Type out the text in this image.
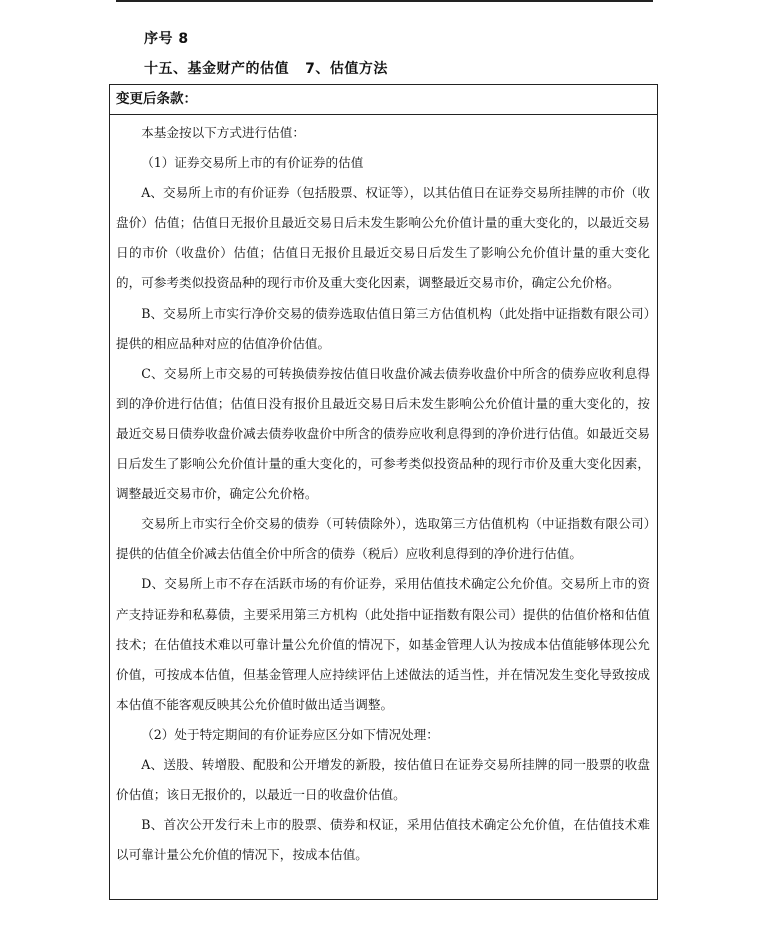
序号 8
十五、基金财产的估值   7、估值方法
变更后条款：

本基金按以下方式进行估值：

（1）证券交易所上市的有价证券的估值

A、交易所上市的有价证券（包括股票、权证等），以其估值日在证券交易所挂牌的市价（收盘价）估值；估值日无报价且最近交易日后未发生影响公允价值计量的重大变化的，以最近交易日的市价（收盘价）估值；估值日无报价且最近交易日后发生了影响公允价值计量的重大变化的，可参考类似投资品种的现行市价及重大变化因素，调整最近交易市价，确定公允价格。

B、交易所上市实行净价交易的债券选取估值日第三方估值机构（此处指中证指数有限公司）提供的相应品种对应的估值净价估值。

C、交易所上市交易的可转换债券按估值日收盘价减去债券收盘价中所含的债券应收利息得到的净价进行估值；估值日没有报价且最近交易日后未发生影响公允价值计量的重大变化的，按最近交易日债券收盘价减去债券收盘价中所含的债券应收利息得到的净价进行估值。如最近交易日后发生了影响公允价值计量的重大变化的，可参考类似投资品种的现行市价及重大变化因素，调整最近交易市价，确定公允价格。

交易所上市实行全价交易的债券（可转债除外），选取第三方估值机构（中证指数有限公司）提供的估值全价减去估值全价中所含的债券（税后）应收利息得到的净价进行估值。

D、交易所上市不存在活跃市场的有价证券，采用估值技术确定公允价值。交易所上市的资产支持证券和私募债，主要采用第三方机构（此处指中证指数有限公司）提供的估值价格和估值技术；在估值技术难以可靠计量公允价值的情况下，如基金管理人认为按成本估值能够体现公允价值，可按成本估值，但基金管理人应持续评估上述做法的适当性，并在情况发生变化导致按成本估值不能客观反映其公允价值时做出适当调整。

（2）处于特定期间的有价证券应区分如下情况处理：

A、送股、转增股、配股和公开增发的新股，按估值日在证券交易所挂牌的同一股票的收盘价估值；该日无报价的，以最近一日的收盘价估值。

B、首次公开发行未上市的股票、债券和权证，采用估值技术确定公允价值，在估值技术难以可靠计量公允价值的情况下，按成本估值。
